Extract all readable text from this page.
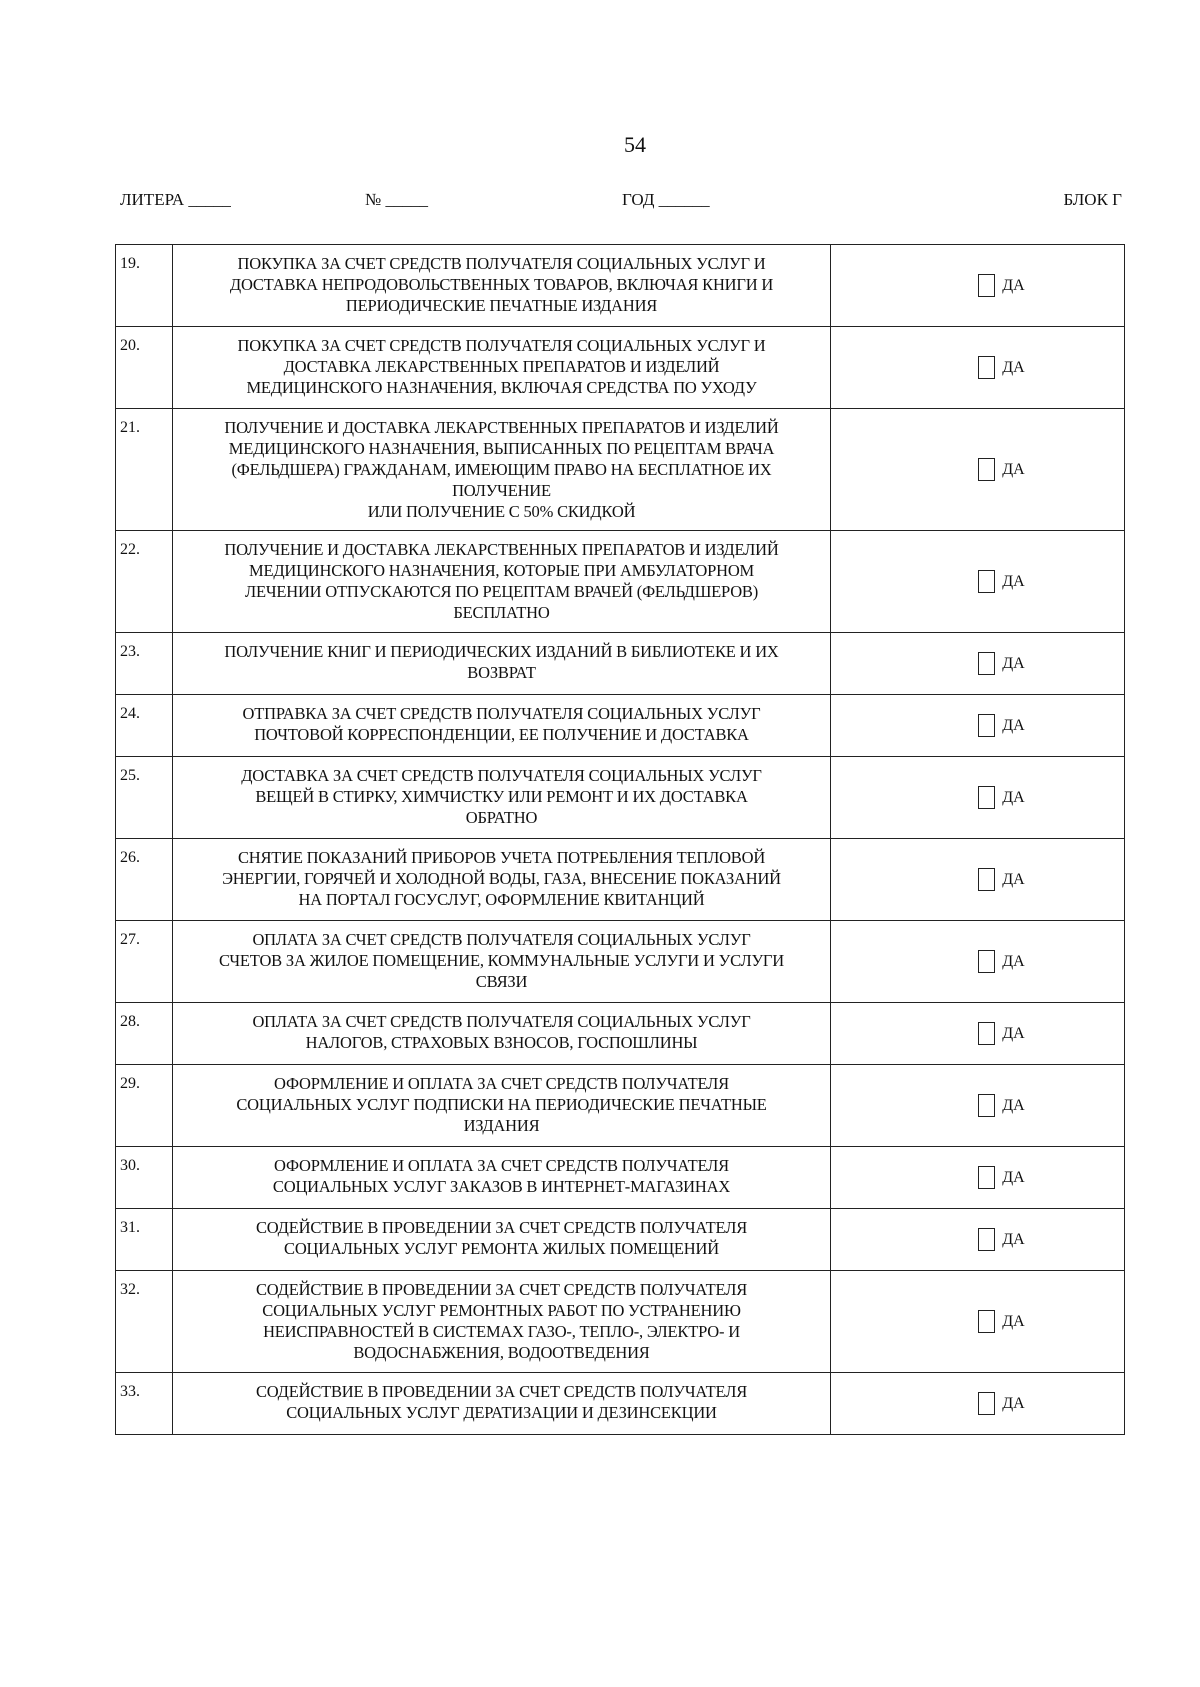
54
ЛИТЕРА _____	№ _____	ГОД ______	БЛОК Г
19.	ПОКУПКА ЗА СЧЕТ СРЕДСТВ ПОЛУЧАТЕЛЯ СОЦИАЛЬНЫХ УСЛУГ И
ДОСТАВКА НЕПРОДОВОЛЬСТВЕННЫХ ТОВАРОВ, ВКЛЮЧАЯ КНИГИ И
ПЕРИОДИЧЕСКИЕ ПЕЧАТНЫЕ ИЗДАНИЯ	ДА

20.	ПОКУПКА ЗА СЧЕТ СРЕДСТВ ПОЛУЧАТЕЛЯ СОЦИАЛЬНЫХ УСЛУГ И
ДОСТАВКА ЛЕКАРСТВЕННЫХ ПРЕПАРАТОВ И ИЗДЕЛИЙ
МЕДИЦИНСКОГО НАЗНАЧЕНИЯ, ВКЛЮЧАЯ СРЕДСТВА ПО УХОДУ	ДА

21.	ПОЛУЧЕНИЕ И ДОСТАВКА ЛЕКАРСТВЕННЫХ ПРЕПАРАТОВ И ИЗДЕЛИЙ
МЕДИЦИНСКОГО НАЗНАЧЕНИЯ, ВЫПИСАННЫХ ПО РЕЦЕПТАМ ВРАЧА
(ФЕЛЬДШЕРА) ГРАЖДАНАМ, ИМЕЮЩИМ ПРАВО НА БЕСПЛАТНОЕ ИХ
ПОЛУЧЕНИЕ
ИЛИ ПОЛУЧЕНИЕ С 50% СКИДКОЙ	ДА

22.	ПОЛУЧЕНИЕ И ДОСТАВКА ЛЕКАРСТВЕННЫХ ПРЕПАРАТОВ И ИЗДЕЛИЙ
МЕДИЦИНСКОГО НАЗНАЧЕНИЯ, КОТОРЫЕ ПРИ АМБУЛАТОРНОМ
ЛЕЧЕНИИ ОТПУСКАЮТСЯ ПО РЕЦЕПТАМ ВРАЧЕЙ (ФЕЛЬДШЕРОВ)
БЕСПЛАТНО	ДА

23.	ПОЛУЧЕНИЕ КНИГ И ПЕРИОДИЧЕСКИХ ИЗДАНИЙ В БИБЛИОТЕКЕ И ИХ
ВОЗВРАТ	ДА

24.	ОТПРАВКА ЗА СЧЕТ СРЕДСТВ ПОЛУЧАТЕЛЯ СОЦИАЛЬНЫХ УСЛУГ
ПОЧТОВОЙ КОРРЕСПОНДЕНЦИИ, ЕЕ ПОЛУЧЕНИЕ И ДОСТАВКА	ДА

25.	ДОСТАВКА ЗА СЧЕТ СРЕДСТВ ПОЛУЧАТЕЛЯ СОЦИАЛЬНЫХ УСЛУГ
ВЕЩЕЙ В СТИРКУ, ХИМЧИСТКУ ИЛИ РЕМОНТ И ИХ ДОСТАВКА
ОБРАТНО	ДА

26.	СНЯТИЕ ПОКАЗАНИЙ ПРИБОРОВ УЧЕТА ПОТРЕБЛЕНИЯ ТЕПЛОВОЙ
ЭНЕРГИИ, ГОРЯЧЕЙ И ХОЛОДНОЙ ВОДЫ, ГАЗА, ВНЕСЕНИЕ ПОКАЗАНИЙ
НА ПОРТАЛ ГОСУСЛУГ, ОФОРМЛЕНИЕ КВИТАНЦИЙ	ДА

27.	ОПЛАТА ЗА СЧЕТ СРЕДСТВ ПОЛУЧАТЕЛЯ СОЦИАЛЬНЫХ УСЛУГ
СЧЕТОВ ЗА ЖИЛОЕ ПОМЕЩЕНИЕ, КОММУНАЛЬНЫЕ УСЛУГИ И УСЛУГИ
СВЯЗИ	ДА

28.	ОПЛАТА ЗА СЧЕТ СРЕДСТВ ПОЛУЧАТЕЛЯ СОЦИАЛЬНЫХ УСЛУГ
НАЛОГОВ, СТРАХОВЫХ ВЗНОСОВ, ГОСПОШЛИНЫ	ДА

29.	ОФОРМЛЕНИЕ И ОПЛАТА ЗА СЧЕТ СРЕДСТВ ПОЛУЧАТЕЛЯ
СОЦИАЛЬНЫХ УСЛУГ ПОДПИСКИ НА ПЕРИОДИЧЕСКИЕ ПЕЧАТНЫЕ
ИЗДАНИЯ	ДА

30.	ОФОРМЛЕНИЕ И ОПЛАТА ЗА СЧЕТ СРЕДСТВ ПОЛУЧАТЕЛЯ
СОЦИАЛЬНЫХ УСЛУГ ЗАКАЗОВ В ИНТЕРНЕТ-МАГАЗИНАХ	ДА

31.	СОДЕЙСТВИЕ В ПРОВЕДЕНИИ ЗА СЧЕТ СРЕДСТВ ПОЛУЧАТЕЛЯ
СОЦИАЛЬНЫХ УСЛУГ РЕМОНТА ЖИЛЫХ ПОМЕЩЕНИЙ	ДА

32.	СОДЕЙСТВИЕ В ПРОВЕДЕНИИ ЗА СЧЕТ СРЕДСТВ ПОЛУЧАТЕЛЯ
СОЦИАЛЬНЫХ УСЛУГ РЕМОНТНЫХ РАБОТ ПО УСТРАНЕНИЮ
НЕИСПРАВНОСТЕЙ В СИСТЕМАХ ГАЗО-, ТЕПЛО-, ЭЛЕКТРО- И
ВОДОСНАБЖЕНИЯ, ВОДООТВЕДЕНИЯ	ДА

33.	СОДЕЙСТВИЕ В ПРОВЕДЕНИИ ЗА СЧЕТ СРЕДСТВ ПОЛУЧАТЕЛЯ
СОЦИАЛЬНЫХ УСЛУГ ДЕРАТИЗАЦИИ И ДЕЗИНСЕКЦИИ	ДА
